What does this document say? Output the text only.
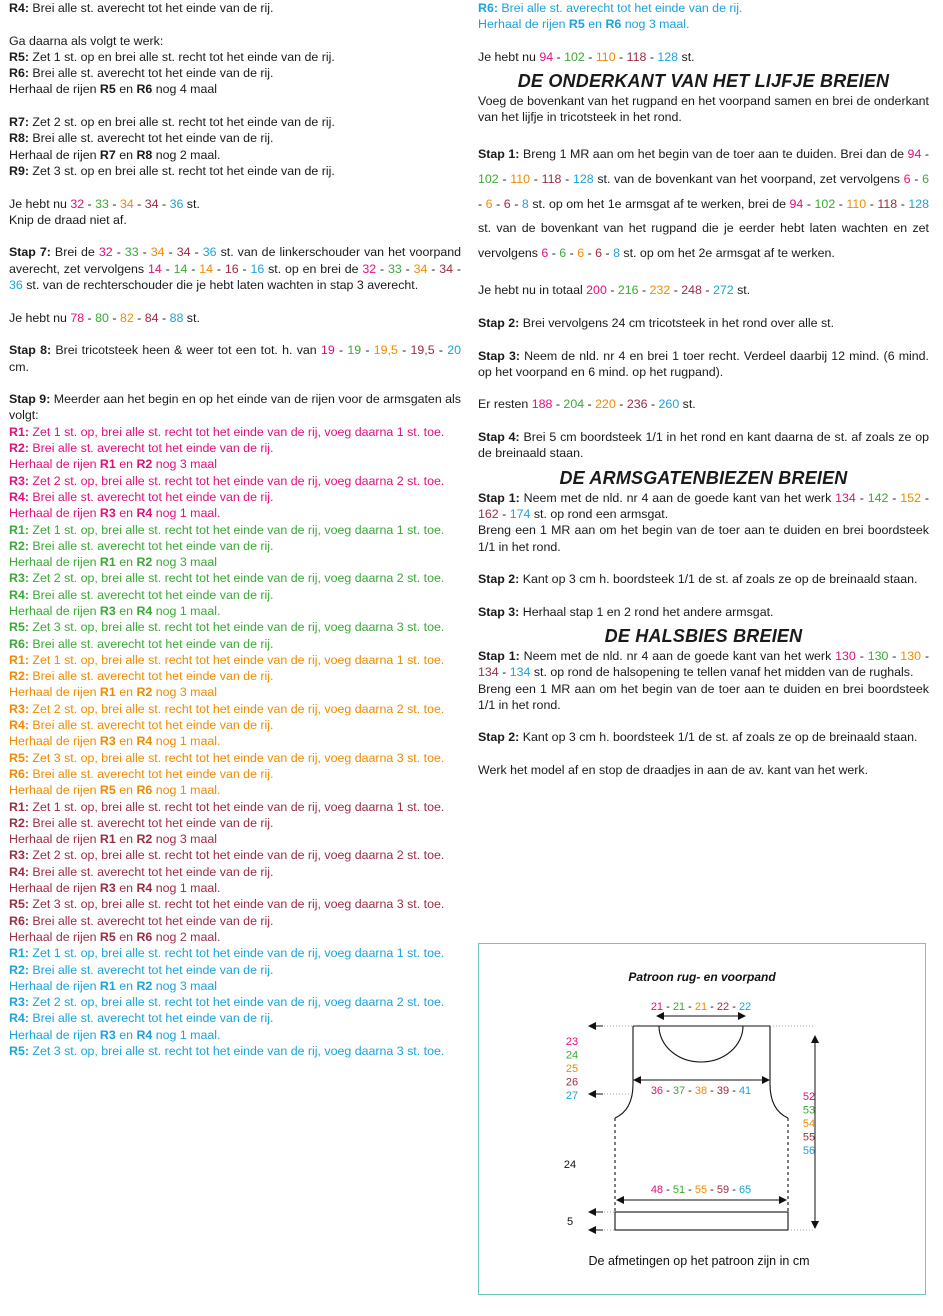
R4: Brei alle st. averecht tot het einde van de rij.

Ga daarna als volgt te werk:

R5: Zet 1 st. op en brei alle st. recht tot het einde van de rij.

R6: Brei alle st. averecht tot het einde van de rij.

Herhaal de rijen R5 en R6 nog 4 maal

R7: Zet 2 st. op en brei alle st. recht tot het einde van de rij.

R8: Brei alle st. averecht tot het einde van de rij.

Herhaal de rijen R7 en R8 nog 2 maal.

R9: Zet 3 st. op en brei alle st. recht tot het einde van de rij.

Je hebt nu 32 - 33 - 34 - 34 - 36 st.

Knip de draad niet af.

Stap 7: Brei de 32 - 33 - 34 - 34 - 36 st. van de linkerschouder van het voorpand averecht, zet vervolgens 14 - 14 - 14 - 16 - 16 st. op en brei de 32 - 33 - 34 - 34 - 36 st. van de rechterschouder die je hebt laten wachten in stap 3 averecht.

Je hebt nu 78 - 80 - 82 - 84 - 88 st.

Stap 8: Brei tricotsteek heen & weer tot een tot. h. van 19 - 19 - 19,5 - 19,5 - 20 cm.

Stap 9: Meerder aan het begin en op het einde van de rijen voor de armsgaten als volgt:

R1: Zet 1 st. op, brei alle st. recht tot het einde van de rij, voeg daarna 1 st. toe.

R2: Brei alle st. averecht tot het einde van de rij.

Herhaal de rijen R1 en R2 nog 3 maal

R3: Zet 2 st. op, brei alle st. recht tot het einde van de rij, voeg daarna 2 st. toe.

R4: Brei alle st. averecht tot het einde van de rij.

Herhaal de rijen R3 en R4 nog 1 maal.

R1: Zet 1 st. op, brei alle st. recht tot het einde van de rij, voeg daarna 1 st. toe.

R2: Brei alle st. averecht tot het einde van de rij.

Herhaal de rijen R1 en R2 nog 3 maal

R3: Zet 2 st. op, brei alle st. recht tot het einde van de rij, voeg daarna 2 st. toe.

R4: Brei alle st. averecht tot het einde van de rij.

Herhaal de rijen R3 en R4 nog 1 maal.

R5: Zet 3 st. op, brei alle st. recht tot het einde van de rij, voeg daarna 3 st. toe.

R6: Brei alle st. averecht tot het einde van de rij.

R1: Zet 1 st. op, brei alle st. recht tot het einde van de rij, voeg daarna 1 st. toe.

R2: Brei alle st. averecht tot het einde van de rij.

Herhaal de rijen R1 en R2 nog 3 maal

R3: Zet 2 st. op, brei alle st. recht tot het einde van de rij, voeg daarna 2 st. toe.

R4: Brei alle st. averecht tot het einde van de rij.

Herhaal de rijen R3 en R4 nog 1 maal.

R5: Zet 3 st. op, brei alle st. recht tot het einde van de rij, voeg daarna 3 st. toe.

R6: Brei alle st. averecht tot het einde van de rij.

Herhaal de rijen R5 en R6 nog 1 maal.

R1: Zet 1 st. op, brei alle st. recht tot het einde van de rij, voeg daarna 1 st. toe.

R2: Brei alle st. averecht tot het einde van de rij.

Herhaal de rijen R1 en R2 nog 3 maal

R3: Zet 2 st. op, brei alle st. recht tot het einde van de rij, voeg daarna 2 st. toe.

R4: Brei alle st. averecht tot het einde van de rij.

Herhaal de rijen R3 en R4 nog 1 maal.

R5: Zet 3 st. op, brei alle st. recht tot het einde van de rij, voeg daarna 3 st. toe.

R6: Brei alle st. averecht tot het einde van de rij.

Herhaal de rijen R5 en R6 nog 2 maal.

R1: Zet 1 st. op, brei alle st. recht tot het einde van de rij, voeg daarna 1 st. toe.

R2: Brei alle st. averecht tot het einde van de rij.

Herhaal de rijen R1 en R2 nog 3 maal

R3: Zet 2 st. op, brei alle st. recht tot het einde van de rij, voeg daarna 2 st. toe.

R4: Brei alle st. averecht tot het einde van de rij.

Herhaal de rijen R3 en R4 nog 1 maal.

R5: Zet 3 st. op, brei alle st. recht tot het einde van de rij, voeg daarna 3 st. toe.

R6: Brei alle st. averecht tot het einde van de rij.

Herhaal de rijen R5 en R6 nog 3 maal.

Je hebt nu 94 - 102 - 110 - 118 - 128 st.

DE ONDERKANT VAN HET LIJFJE BREIEN

Voeg de bovenkant van het rugpand en het voorpand samen en brei de onderkant van het lijfje in tricotsteek in het rond.

Stap 1: Breng 1 MR aan om het begin van de toer aan te duiden. Brei dan de 94 - 102 - 110 - 118 - 128 st. van de bovenkant van het voorpand, zet vervolgens 6 - 6 - 6 - 6 - 8 st. op om het 1e armsgat af te werken, brei de 94 - 102 - 110 - 118 - 128 st. van de bovenkant van het rugpand die je eerder hebt laten wachten en zet vervolgens 6 - 6 - 6 - 6 - 8 st. op om het 2e armsgat af te werken.

Je hebt nu in totaal 200 - 216 - 232 - 248 - 272 st.

Stap 2: Brei vervolgens 24 cm tricotsteek in het rond over alle st.

Stap 3: Neem de nld. nr 4 en brei 1 toer recht. Verdeel daarbij 12 mind. (6 mind. op het voorpand en 6 mind. op het rugpand).

Er resten 188 - 204 - 220 - 236 - 260 st.

Stap 4: Brei 5 cm boordsteek 1/1 in het rond en kant daarna de st. af zoals ze op de breinaald staan.

DE ARMSGATENBIEZEN BREIEN

Stap 1: Neem met de nld. nr 4 aan de goede kant van het werk 134 - 142 - 152 - 162 - 174 st. op rond een armsgat.

Breng een 1 MR aan om het begin van de toer aan te duiden en brei boordsteek 1/1 in het rond.

Stap 2: Kant op 3 cm h. boordsteek 1/1 de st. af zoals ze op de breinaald staan.

Stap 3: Herhaal stap 1 en 2 rond het andere armsgat.

DE HALSBIES BREIEN

Stap 1: Neem met de nld. nr 4 aan de goede kant van het werk 130 - 130 - 130 - 134 - 134 st. op rond de halsopening te tellen vanaf het midden van de rughals.

Breng een 1 MR aan om het begin van de toer aan te duiden en brei boordsteek 1/1 in het rond.

Stap 2: Kant op 3 cm h. boordsteek 1/1 de st. af zoals ze op de breinaald staan.

Werk het model af en stop de draadjes in aan de av. kant van het werk.

Patroon rug- en voorpand
21 - 21 - 21 - 22 - 22
36 - 37 - 38 - 39 - 41
48 - 51 - 55 - 59 - 65
23
24
25
26
27	52
53
54
55
56
24
5
De afmetingen op het patroon zijn in cm
